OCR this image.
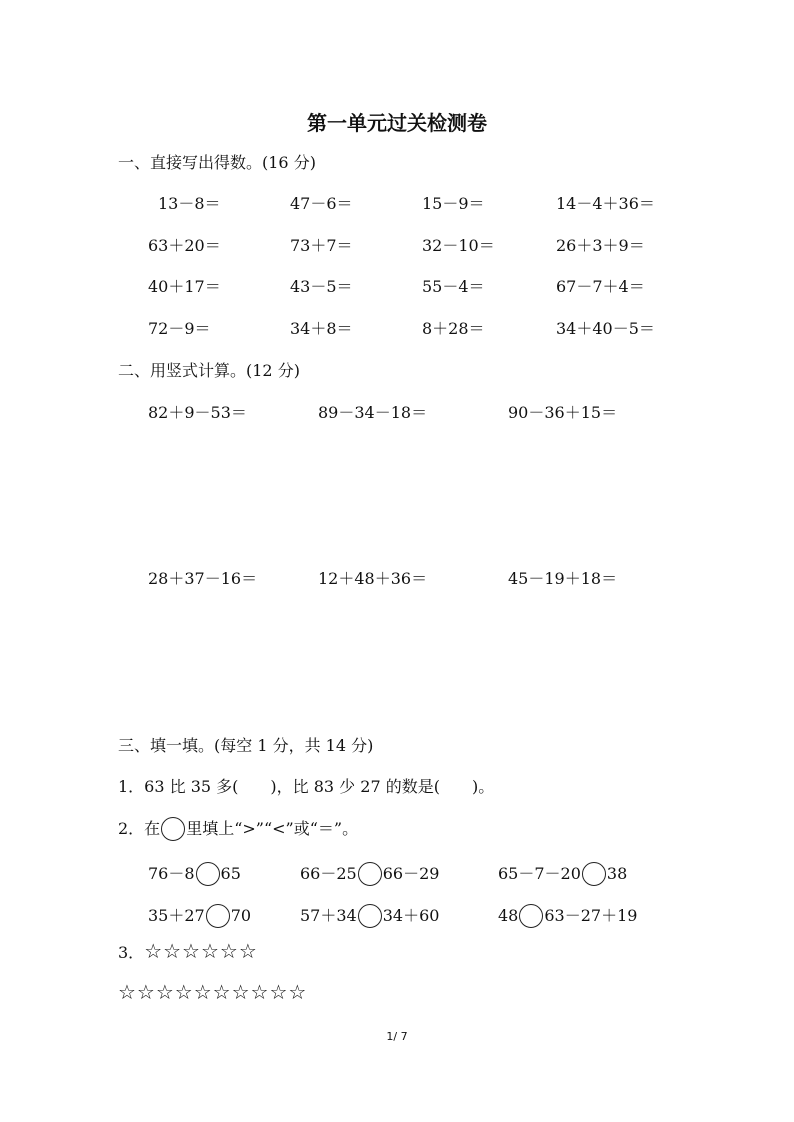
第一单元过关检测卷
一、直接写出得数。(16 分)
13－8＝	47－6＝	15－9＝	14－4＋36＝
63＋20＝	73＋7＝	32－10＝	26＋3＋9＝
40＋17＝	43－5＝	55－4＝	67－7＋4＝
72－9＝	34＋8＝	8＋28＝	34＋40－5＝
二、用竖式计算。(12 分)
82＋9－53＝	89－34－18＝	90－36＋15＝
28＋37－16＝	12＋48＋36＝	45－19＋18＝
三、填一填。(每空 1 分，共 14 分)
1．63 比 35 多(　　)，比 83 少 27 的数是(　　)。
2．在 里填上“>”“<”或“＝”。
76－8 65	66－25 66－29	65－7－20 38
35＋27 70	57＋34 34＋60	48 63－27＋19
3．☆☆☆☆☆☆
☆☆☆☆☆☆☆☆☆☆
1/ 7
